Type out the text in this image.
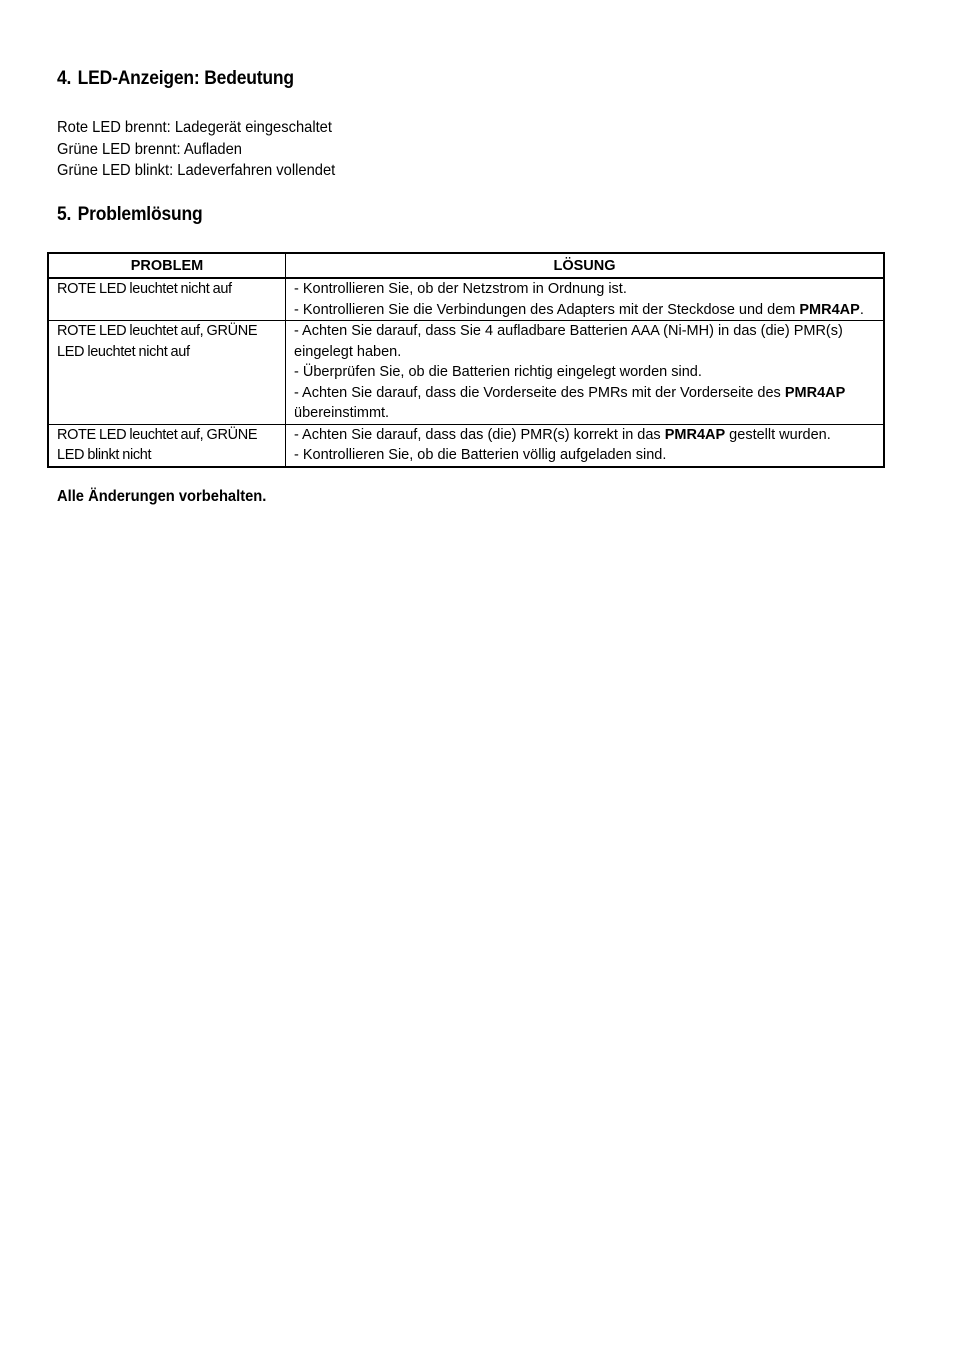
4. LED-Anzeigen: Bedeutung
Rote LED brennt: Ladegerät eingeschaltet
Grüne LED brennt: Aufladen
Grüne LED blinkt: Ladeverfahren vollendet
5. Problemlösung
PROBLEM	LÖSUNG

ROTE LED leuchtet nicht auf	- Kontrollieren Sie, ob der Netzstrom in Ordnung ist.
- Kontrollieren Sie die Verbindungen des Adapters mit der Steckdose und dem PMR4AP.

ROTE LED leuchtet auf, GRÜNE LED leuchtet nicht auf	- Achten Sie darauf, dass Sie 4 aufladbare Batterien AAA (Ni-MH) in das (die) PMR(s) eingelegt haben.
- Überprüfen Sie, ob die Batterien richtig eingelegt worden sind.
- Achten Sie darauf, dass die Vorderseite des PMRs mit der Vorderseite des PMR4AP übereinstimmt.

ROTE LED leuchtet auf, GRÜNE LED blinkt nicht	- Achten Sie darauf, dass das (die) PMR(s) korrekt in das PMR4AP gestellt wurden.
- Kontrollieren Sie, ob die Batterien völlig aufgeladen sind.

Alle Änderungen vorbehalten.
